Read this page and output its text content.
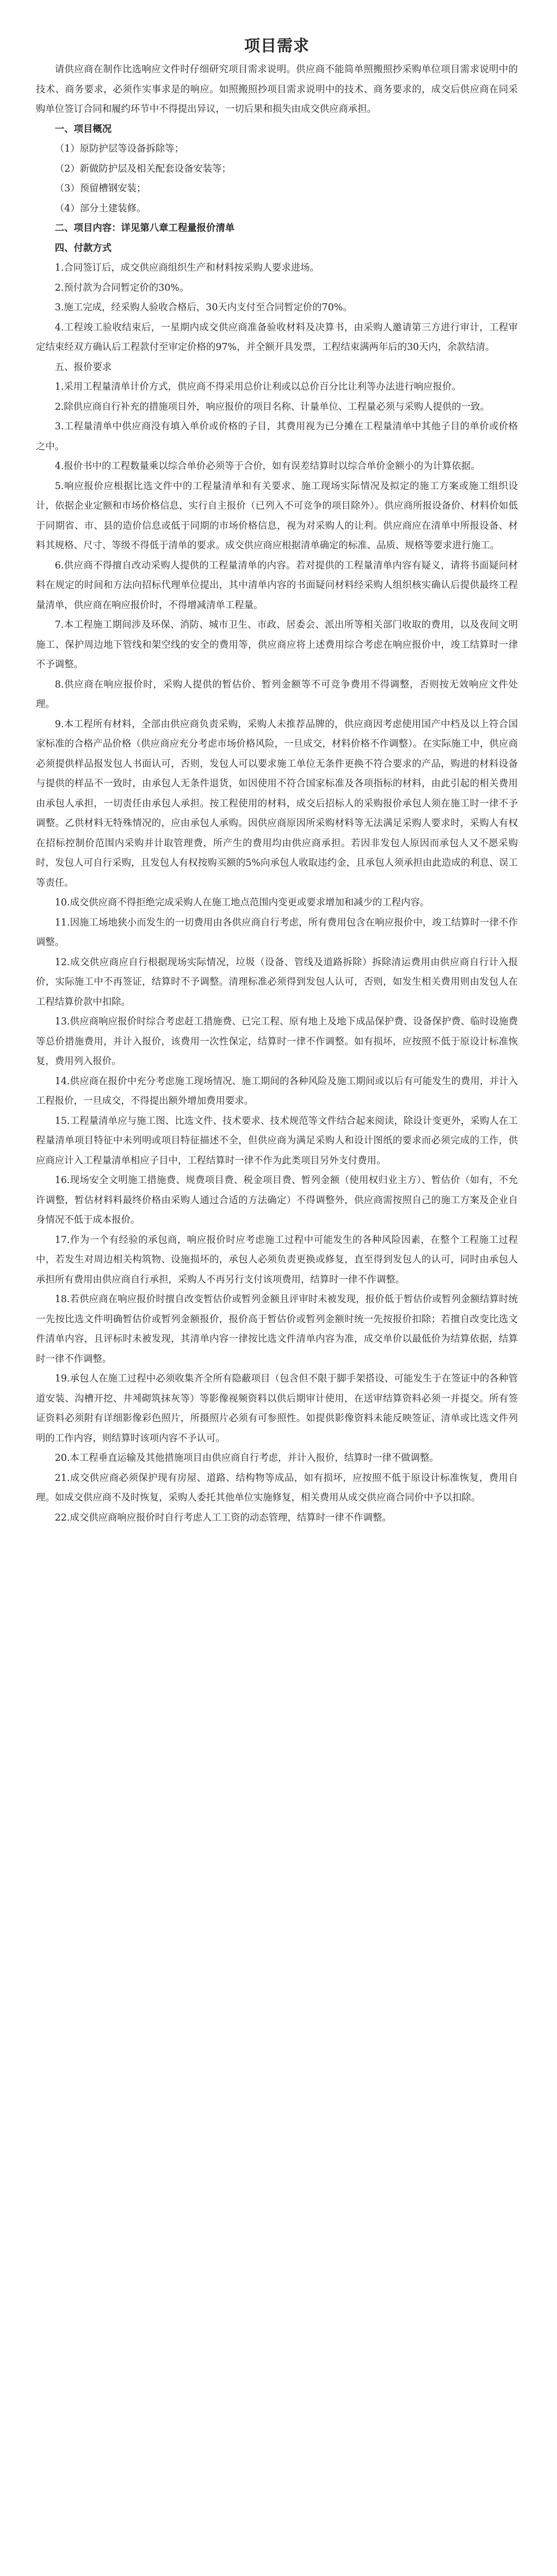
项目需求

请供应商在制作比选响应文件时仔细研究项目需求说明。供应商不能简单照搬照抄采购单位项目需求说明中的技术、商务要求，必须作实事求是的响应。如照搬照抄项目需求说明中的技术、商务要求的，成交后供应商在同采购单位签订合同和履约环节中不得提出异议，一切后果和损失由成交供应商承担。

一、项目概况

（1）原防护层等设备拆除等；

（2）新做防护层及相关配套设备安装等；

（3）预留槽钢安装；

（4）部分土建装修。

二、项目内容：详见第八章工程量报价清单

四、付款方式

1.合同签订后，成交供应商组织生产和材料按采购人要求进场。

2.预付款为合同暂定价的30%。

3.施工完成，经采购人验收合格后，30天内支付至合同暂定价的70%。

4.工程竣工验收结束后，一星期内成交供应商准备验收材料及决算书，由采购人邀请第三方进行审计，工程审定结束经双方确认后工程款付至审定价格的97%，并全额开具发票，工程结束满两年后的30天内，余款结清。

五、报价要求

1.采用工程量清单计价方式，供应商不得采用总价让利或以总价百分比让利等办法进行响应报价。

2.除供应商自行补充的措施项目外，响应报价的项目名称、计量单位、工程量必须与采购人提供的一致。

3.工程量清单中供应商没有填入单价或价格的子目，其费用视为已分摊在工程量清单中其他子目的单价或价格之中。

4.报价书中的工程数量乘以综合单价必须等于合价，如有误差结算时以综合单价金额小的为计算依据。

5.响应报价应根据比选文件中的工程量清单和有关要求、施工现场实际情况及拟定的施工方案或施工组织设计，依据企业定额和市场价格信息，实行自主报价（已列入不可竞争的项目除外）。供应商所报设备价、材料价如低于同期省、市、县的造价信息或低于同期的市场价格信息，视为对采购人的让利。供应商应在清单中所报设备、材料其规格、尺寸、等级不得低于清单的要求。成交供应商应根据清单确定的标准、品质、规格等要求进行施工。

6.供应商不得擅自改动采购人提供的工程量清单的内容。若对提供的工程量清单内容有疑义，请将书面疑问材料在规定的时间和方法向招标代理单位提出，其中清单内容的书面疑问材料经采购人组织核实确认后提供最终工程量清单，供应商在响应报价时，不得增减清单工程量。

7.本工程施工期间涉及环保、消防、城市卫生、市政、居委会、派出所等相关部门收取的费用，以及夜间文明施工、保护周边地下管线和架空线的安全的费用等，供应商应将上述费用综合考虑在响应报价中，竣工结算时一律不予调整。

8.供应商在响应报价时，采购人提供的暂估价、暂列金额等不可竞争费用不得调整，否则按无效响应文件处理。

9.本工程所有材料，全部由供应商负责采购，采购人未推荐品牌的，供应商因考虑使用国产中档及以上符合国家标准的合格产品价格（供应商应充分考虑市场价格风险，一旦成交，材料价格不作调整）。在实际施工中，供应商必须提供样品报发包人书面认可，否则，发包人可以要求施工单位无条件更换不符合要求的产品，购进的材料设备与提供的样品不一致时，由承包人无条件退货，如因使用不符合国家标准及各项指标的材料，由此引起的相关费用由承包人承担，一切责任由承包人承担。按工程使用的材料，成交后招标人的采购报价承包人须在施工时一律不予调整。乙供材料无特殊情况的，应由承包人承购。因供应商原因所采购材料等无法满足采购人要求时，采购人有权在招标控制价范围内采购并计取管理费，所产生的费用均由供应商承担。若因非发包人原因而承包人又不愿采购时，发包人可自行采购，且发包人有权按购买额的5%向承包人收取违约金，且承包人须承担由此造成的利息、误工等责任。

10.成交供应商不得拒绝完成采购人在施工地点范围内变更或要求增加和减少的工程内容。

11.因施工场地狭小而发生的一切费用由各供应商自行考虑，所有费用包含在响应报价中，竣工结算时一律不作调整。

12.成交供应商应自行根据现场实际情况，垃圾（设备、管线及道路拆除）拆除清运费用由供应商自行计入报价，实际施工中不再签证，结算时不予调整。清理标准必须得到发包人认可，否则，如发生相关费用则由发包人在工程结算价款中扣除。

13.供应商响应报价时综合考虑赶工措施费、已完工程、原有地上及地下成品保护费、设备保护费、临时设施费等总价措施费用，并计入报价，该费用一次性保定，结算时一律不作调整。如有损坏，应按照不低于原设计标准恢复，费用列入报价。

14.供应商在报价中充分考虑施工现场情况、施工期间的各种风险及施工期间或以后有可能发生的费用，并计入工程报价，一旦成交，不得提出额外增加费用要求。

15.工程量清单应与施工图、比选文件、技术要求、技术规范等文件结合起来阅读，除设计变更外，采购人在工程量清单项目特征中未列明或项目特征描述不全，但供应商为满足采购人和设计图纸的要求而必须完成的工作，供应商应计入工程量清单相应子目中，工程结算时一律不作为此类项目另外支付费用。

16.现场安全文明施工措施费、规费项目费、税金项目费、暂列金额（使用权归业主方）、暂估价（如有，不允许调整，暂估材料料最终价格由采购人通过合适的方法确定）不得调整外，供应商需按照自己的施工方案及企业自身情况不低于成本报价。

17.作为一个有经验的承包商，响应报价时应考虑施工过程中可能发生的各种风险因素，在整个工程施工过程中，若发生对周边相关构筑物、设施损坏的，承包人必须负责更换或修复，直至得到发包人的认可，同时由承包人承担所有费用由供应商自行承担，采购人不再另行支付该项费用，结算时一律不作调整。

18.若供应商在响应报价时擅自改变暂估价或暂列金额且评审时未被发现，报价低于暂估价或暂列金额结算时统一先按比选文件明确暂估价或暂列金额报价，报价高于暂估价或暂列金额时统一先按报价扣除；若擅自改变比选文件清单内容，且评标时未被发现，其清单内容一律按比选文件清单内容为准，成交单价以最低价为结算依据，结算时一律不作调整。

19.承包人在施工过程中必须收集齐全所有隐蔽项目（包含但不限于脚手架搭设、可能发生于在签证中的各种管道安装、沟槽开挖、井체砌筑抹灰等）等影像视频资料以供后期审计使用，在送审结算资料必须一并提交。所有签证资料必须附有详细影像彩色照片，所摄照片必须有可参照性。如提供影像资料未能反映签证、清单或比选文件列明的工作内容，则结算时该项内容不予认可。

20.本工程垂直运输及其他措施项目由供应商自行考虑，并计入报价，结算时一律不做调整。

21.成交供应商必须保护现有房屋、道路、结构物等成品，如有损坏，应按照不低于原设计标准恢复，费用自理。如成交供应商不及时恢复，采购人委托其他单位实施修复，相关费用从成交供应商合同价中予以扣除。

22.成交供应商响应报价时自行考虑人工工资的动态管理，结算时一律不作调整。
